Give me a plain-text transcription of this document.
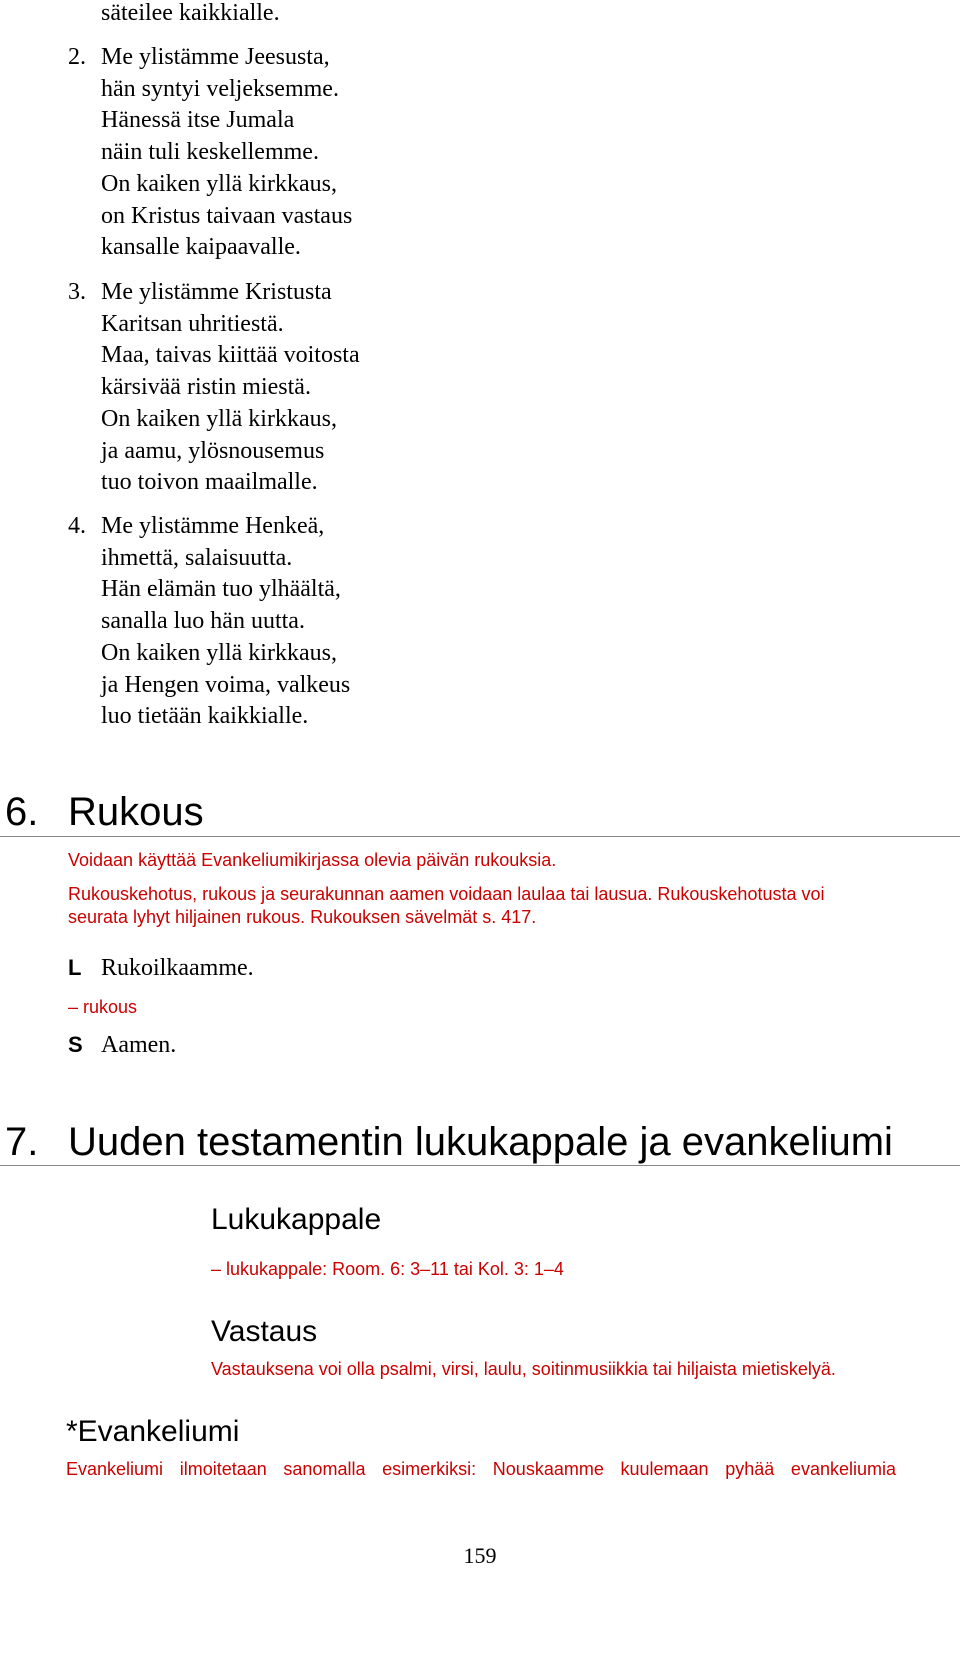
säteilee kaikkialle.
2. Me ylistämme Jeesusta,
hän syntyi veljeksemme.
Hänessä itse Jumala
näin tuli keskellemme.
On kaiken yllä kirkkaus,
on Kristus taivaan vastaus
kansalle kaipaavalle.
3. Me ylistämme Kristusta
Karitsan uhritiestä.
Maa, taivas kiittää voitosta
kärsivää ristin miestä.
On kaiken yllä kirkkaus,
ja aamu, ylösnousemus
tuo toivon maailmalle.
4. Me ylistämme Henkeä,
ihmettä, salaisuutta.
Hän elämän tuo ylhäältä,
sanalla luo hän uutta.
On kaiken yllä kirkkaus,
ja Hengen voima, valkeus
luo tietään kaikkialle.
6. Rukous
Voidaan käyttää Evankeliumikirjassa olevia päivän rukouksia.
Rukouskehotus, rukous ja seurakunnan aamen voidaan laulaa tai lausua. Rukouskehotusta voi
seurata lyhyt hiljainen rukous. Rukouksen sävelmät s. 417.
L Rukoilkaamme.
– rukous
S Aamen.
7. Uuden testamentin lukukappale ja evankeliumi
Lukukappale
– lukukappale: Room. 6: 3–11 tai Kol. 3: 1–4
Vastaus
Vastauksena voi olla psalmi, virsi, laulu, soitinmusiikkia tai hiljaista mietiskelyä.
*Evankeliumi
Evankeliumi ilmoitetaan sanomalla esimerkiksi: Nouskaamme kuulemaan pyhää evankeliumia
159
